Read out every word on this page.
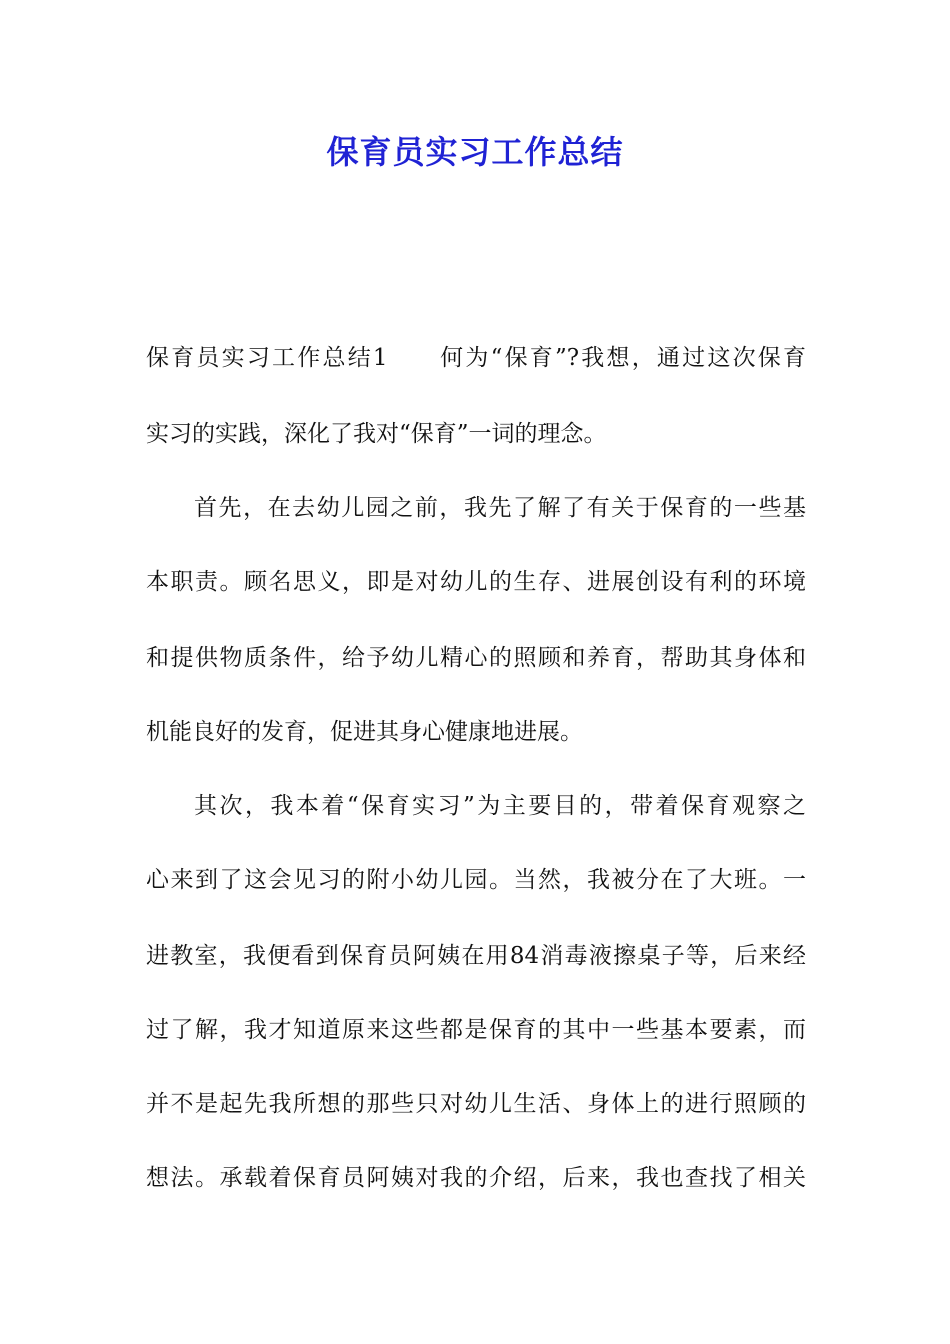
保育员实习工作总结

保育员实习工作总结1　　何为“保育”?我想，通过这次保育

实习的实践，深化了我对“保育”一词的理念。

首先，在去幼儿园之前，我先了解了有关于保育的一些基

本职责。顾名思义，即是对幼儿的生存、进展创设有利的环境

和提供物质条件，给予幼儿精心的照顾和养育，帮助其身体和

机能良好的发育，促进其身心健康地进展。

其次，我本着“保育实习”为主要目的，带着保育观察之

心来到了这会见习的附小幼儿园。当然，我被分在了大班。一

进教室，我便看到保育员阿姨在用84消毒液擦桌子等，后来经

过了解，我才知道原来这些都是保育的其中一些基本要素，而

并不是起先我所想的那些只对幼儿生活、身体上的进行照顾的

想法。承载着保育员阿姨对我的介绍，后来，我也查找了相关
